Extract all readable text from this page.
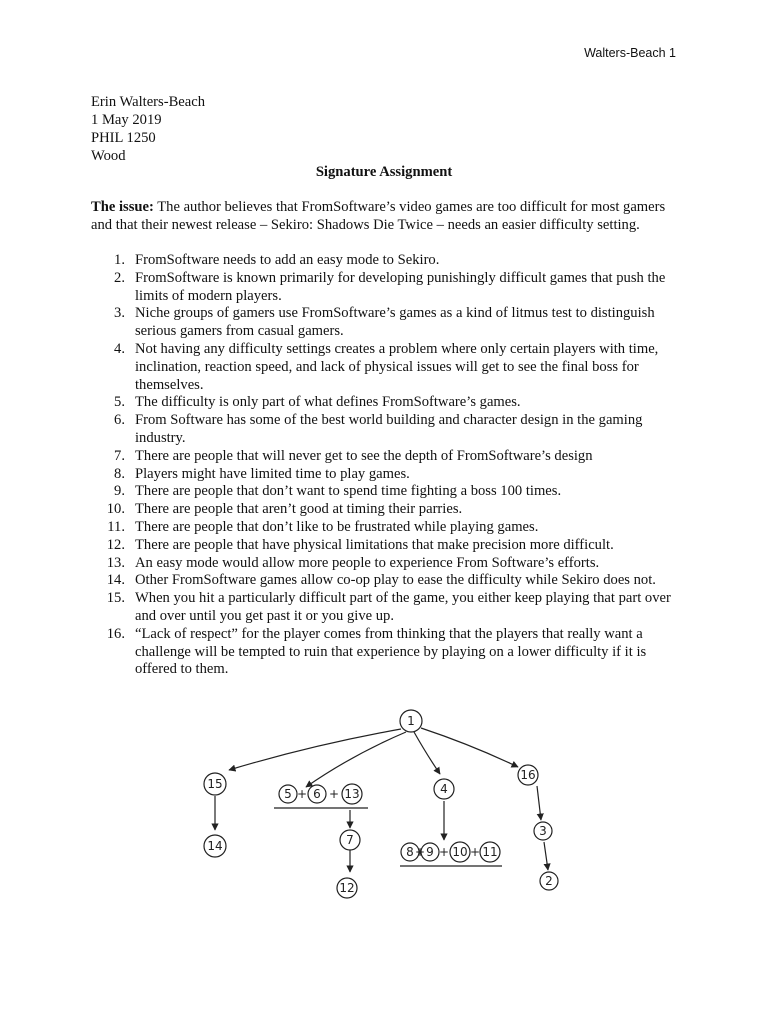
Walters-Beach 1
Erin Walters-Beach
1 May 2019
PHIL 1250
Wood
Signature Assignment
The issue: The author believes that FromSoftware’s video games are too difficult for most gamers and that their newest release – Sekiro: Shadows Die Twice – needs an easier difficulty setting.
1. FromSoftware needs to add an easy mode to Sekiro.
2. FromSoftware is known primarily for developing punishingly difficult games that push the limits of modern players.
3. Niche groups of gamers use FromSoftware’s games as a kind of litmus test to distinguish serious gamers from casual gamers.
4. Not having any difficulty settings creates a problem where only certain players with time, inclination, reaction speed, and lack of physical issues will get to see the final boss for themselves.
5. The difficulty is only part of what defines FromSoftware’s games.
6. From Software has some of the best world building and character design in the gaming industry.
7. There are people that will never get to see the depth of FromSoftware’s design
8. Players might have limited time to play games.
9. There are people that don’t want to spend time fighting a boss 100 times.
10. There are people that aren’t good at timing their parries.
11. There are people that don’t like to be frustrated while playing games.
12. There are people that have physical limitations that make precision more difficult.
13. An easy mode would allow more people to experience From Software’s efforts.
14. Other FromSoftware games allow co-op play to ease the difficulty while Sekiro does not.
15. When you hit a particularly difficult part of the game, you either keep playing that part over and over until you get past it or you give up.
16. “Lack of respect” for the player comes from thinking that the players that really want a challenge will be tempted to ruin that experience by playing on a lower difficulty if it is offered to them.
1
15
5 + 6 + 13	4
16
14	7
12
8 + 9 + 10 + 11
3
2
